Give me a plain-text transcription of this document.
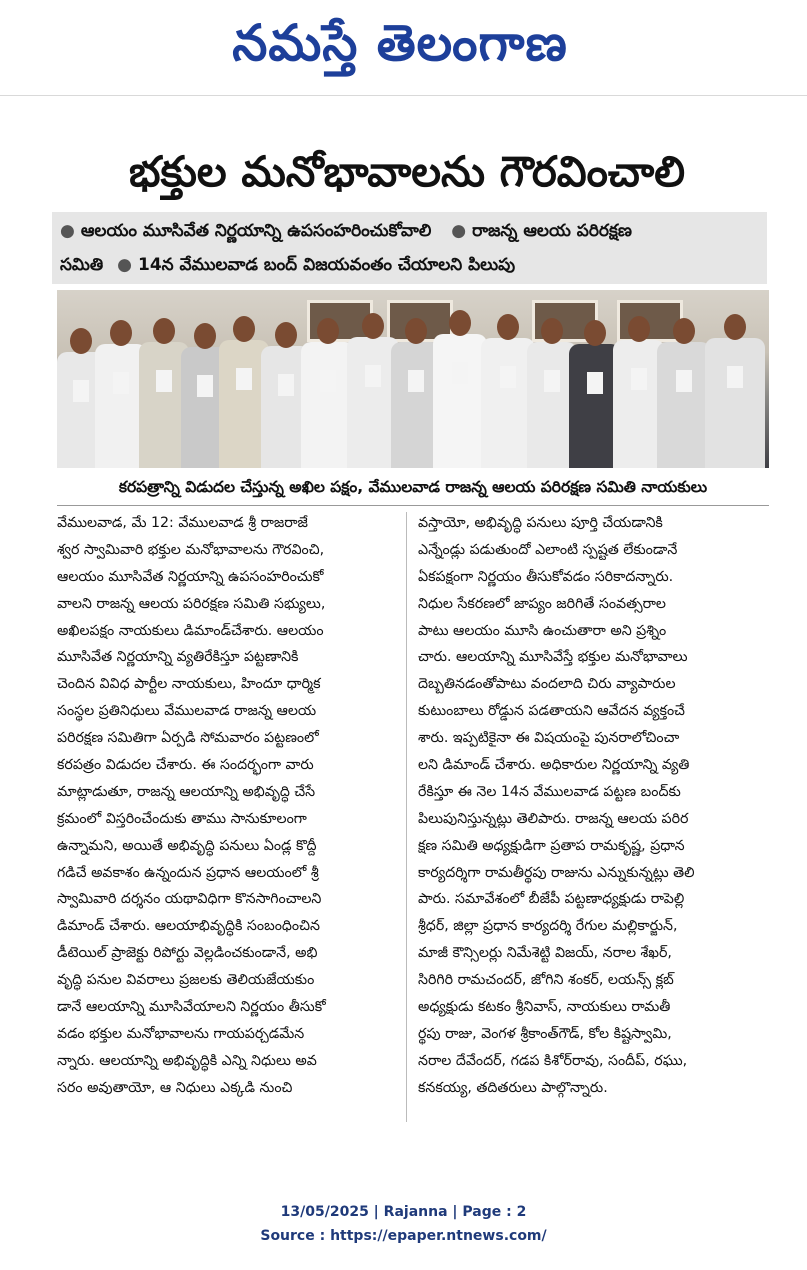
నమస్తే తెలంగాణ
భక్తుల మనోభావాలను గౌరవించాలి
● ఆలయం మూసివేత నిర్ణయాన్ని ఉపసంహరించుకోవాలి ● రాజన్న ఆలయ పరిరక్షణ
సమితి ● 14న వేములవాడ బంద్ విజయవంతం చేయాలని పిలుపు
కరపత్రాన్ని విడుదల చేస్తున్న అఖిల పక్షం, వేములవాడ రాజన్న ఆలయ పరిరక్షణ సమితి నాయకులు

వేములవాడ, మే 12: వేములవాడ శ్రీ రాజరాజే

శ్వర స్వామివారి భక్తుల మనోభావాలను గౌరవించి,

ఆలయం మూసివేత నిర్ణయాన్ని ఉపసంహరించుకో

వాలని రాజన్న ఆలయ పరిరక్షణ సమితి సభ్యులు,

అఖిలపక్షం నాయకులు డిమాండ్‌చేశారు. ఆలయం

మూసివేత నిర్ణయాన్ని వ్యతిరేకిస్తూ పట్టణానికి

చెందిన వివిధ పార్టీల నాయకులు, హిందూ ధార్మిక

సంస్థల ప్రతినిధులు వేములవాడ రాజన్న ఆలయ

పరిరక్షణ సమితిగా ఏర్పడి సోమవారం పట్టణంలో

కరపత్రం విడుదల చేశారు. ఈ సందర్భంగా వారు

మాట్లాడుతూ, రాజన్న ఆలయాన్ని అభివృద్ధి చేసే

క్రమంలో విస్తరించేందుకు తాము సానుకూలంగా

ఉన్నామని, అయితే అభివృద్ధి పనులు ఏండ్ల కొద్దీ

గడిచే అవకాశం ఉన్నందున ప్రధాన ఆలయంలో శ్రీ

స్వామివారి దర్శనం యథావిధిగా కొనసాగించాలని

డిమాండ్ చేశారు. ఆలయాభివృద్ధికి సంబంధించిన

డీటెయిల్ ప్రాజెక్టు రిపోర్టు వెల్లడించకుండానే, అభి

వృద్ధి పనుల వివరాలు ప్రజలకు తెలియజేయకుం

డానే ఆలయాన్ని మూసివేయాలని నిర్ణయం తీసుకో

వడం భక్తుల మనోభావాలను గాయపర్చడమేన

న్నారు. ఆలయాన్ని అభివృద్ధికి ఎన్ని నిధులు అవ

సరం అవుతాయో, ఆ నిధులు ఎక్కడి నుంచి

వస్తాయో, అభివృద్ధి పనులు పూర్తి చేయడానికి

ఎన్నేండ్లు పడుతుందో ఎలాంటి స్పష్టత లేకుండానే

ఏకపక్షంగా నిర్ణయం తీసుకోవడం సరికాదన్నారు.

నిధుల సేకరణలో జాప్యం జరిగితే సంవత్సరాల

పాటు ఆలయం మూసి ఉంచుతారా అని ప్రశ్నిం

చారు. ఆలయాన్ని మూసివేస్తే భక్తుల మనోభావాలు

దెబ్బతినడంతోపాటు వందలాది చిరు వ్యాపారుల

కుటుంబాలు రోడ్డున పడతాయని ఆవేదన వ్యక్తంచే

శారు. ఇప్పటికైనా ఈ విషయంపై పునరాలోచించా

లని డిమాండ్ చేశారు. అధికారుల నిర్ణయాన్ని వ్యతి

రేకిస్తూ ఈ నెల 14న వేములవాడ పట్టణ బంద్‌కు

పిలుపునిస్తున్నట్లు తెలిపారు. రాజన్న ఆలయ పరిర

క్షణ సమితి అధ్యక్షుడిగా ప్రతాప రామకృష్ణ, ప్రధాన

కార్యదర్శిగా రామతీర్థపు రాజును ఎన్నుకున్నట్లు తెలి

పారు. సమావేశంలో బీజేపీ పట్టణాధ్యక్షుడు రాపెల్లి

శ్రీధర్, జిల్లా ప్రధాన కార్యదర్శి రేగుల మల్లికార్జున్,

మాజీ కౌన్సిలర్లు నిమేశెట్టి విజయ్, నరాల శేఖర్,

సిరిగిరి రామచందర్, జోగిని శంకర్, లయన్స్ క్లబ్

అధ్యక్షుడు కటకం శ్రీనివాస్, నాయకులు రామతీ

ర్థపు రాజు, వెంగళ శ్రీకాంత్‌గౌడ్, కోల కిష్టస్వామి,

నరాల దేవేందర్, గడప కిశోర్‌రావు, సందీప్, రఘు,

కనకయ్య, తదితరులు పాల్గొన్నారు.

13/05/2025 | Rajanna | Page : 2
Source : https://epaper.ntnews.com/
